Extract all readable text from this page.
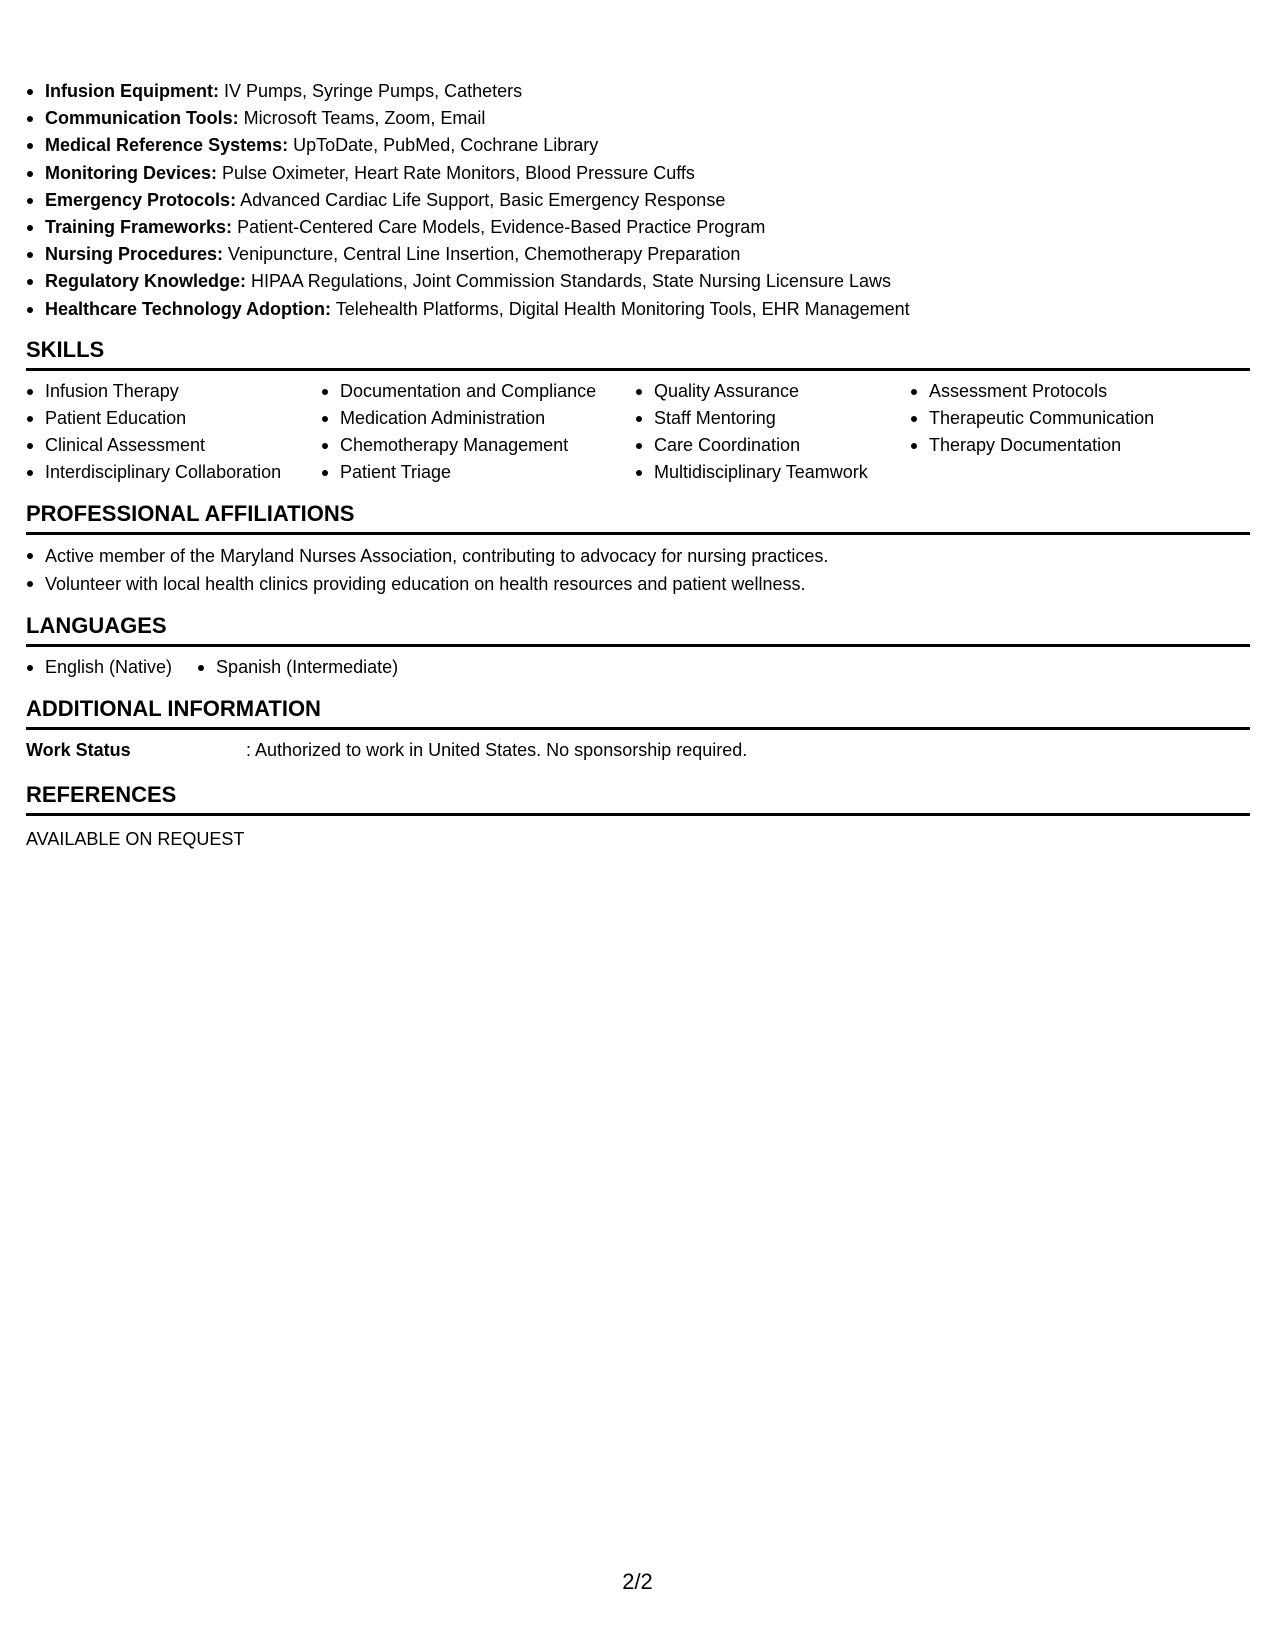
Infusion Equipment: IV Pumps, Syringe Pumps, Catheters
Communication Tools: Microsoft Teams, Zoom, Email
Medical Reference Systems: UpToDate, PubMed, Cochrane Library
Monitoring Devices: Pulse Oximeter, Heart Rate Monitors, Blood Pressure Cuffs
Emergency Protocols: Advanced Cardiac Life Support, Basic Emergency Response
Training Frameworks: Patient-Centered Care Models, Evidence-Based Practice Program
Nursing Procedures: Venipuncture, Central Line Insertion, Chemotherapy Preparation
Regulatory Knowledge: HIPAA Regulations, Joint Commission Standards, State Nursing Licensure Laws
Healthcare Technology Adoption: Telehealth Platforms, Digital Health Monitoring Tools, EHR Management
SKILLS
Infusion Therapy
Patient Education
Clinical Assessment
Interdisciplinary Collaboration
Documentation and Compliance
Medication Administration
Chemotherapy Management
Patient Triage
Quality Assurance
Staff Mentoring
Care Coordination
Multidisciplinary Teamwork
Assessment Protocols
Therapeutic Communication
Therapy Documentation
PROFESSIONAL AFFILIATIONS
Active member of the Maryland Nurses Association, contributing to advocacy for nursing practices.
Volunteer with local health clinics providing education on health resources and patient wellness.
LANGUAGES
English (Native)	Spanish (Intermediate)
ADDITIONAL INFORMATION
Work Status	: Authorized to work in United States. No sponsorship required.
REFERENCES
AVAILABLE ON REQUEST
2/2
